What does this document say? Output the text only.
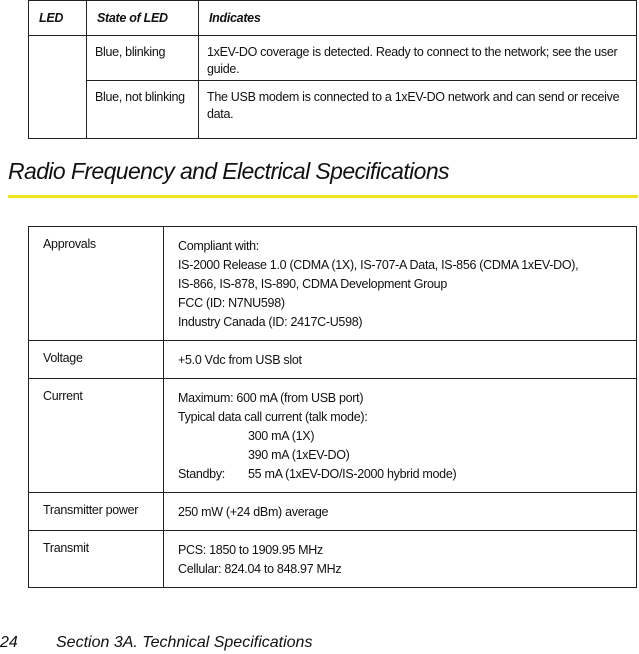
LED	State of LED	Indicates
	Blue, blinking	1xEV-DO coverage is detected. Ready to connect to the network; see the user guide.
	Blue, not blinking	The USB modem is connected to a 1xEV-DO network and can send or receive data.
Radio Frequency and Electrical Specifications
Approvals	Compliant with:
IS-2000 Release 1.0 (CDMA (1X), IS-707-A Data, IS-856 (CDMA 1xEV-DO),
IS-866, IS-878, IS-890, CDMA Development Group
FCC (ID: N7NU598)
Industry Canada (ID: 2417C-U598)

Voltage	+5.0 Vdc from USB slot

Current	Maximum: 600 mA (from USB port)
Typical data call current (talk mode):
300 mA (1X)
390 mA (1xEV-DO)
Standby: 55 mA (1xEV-DO/IS-2000 hybrid mode)

Transmitter power	250 mW (+24 dBm) average

Transmit	PCS: 1850 to 1909.95 MHz
Cellular: 824.04 to 848.97 MHz
24 Section 3A. Technical Specifications
